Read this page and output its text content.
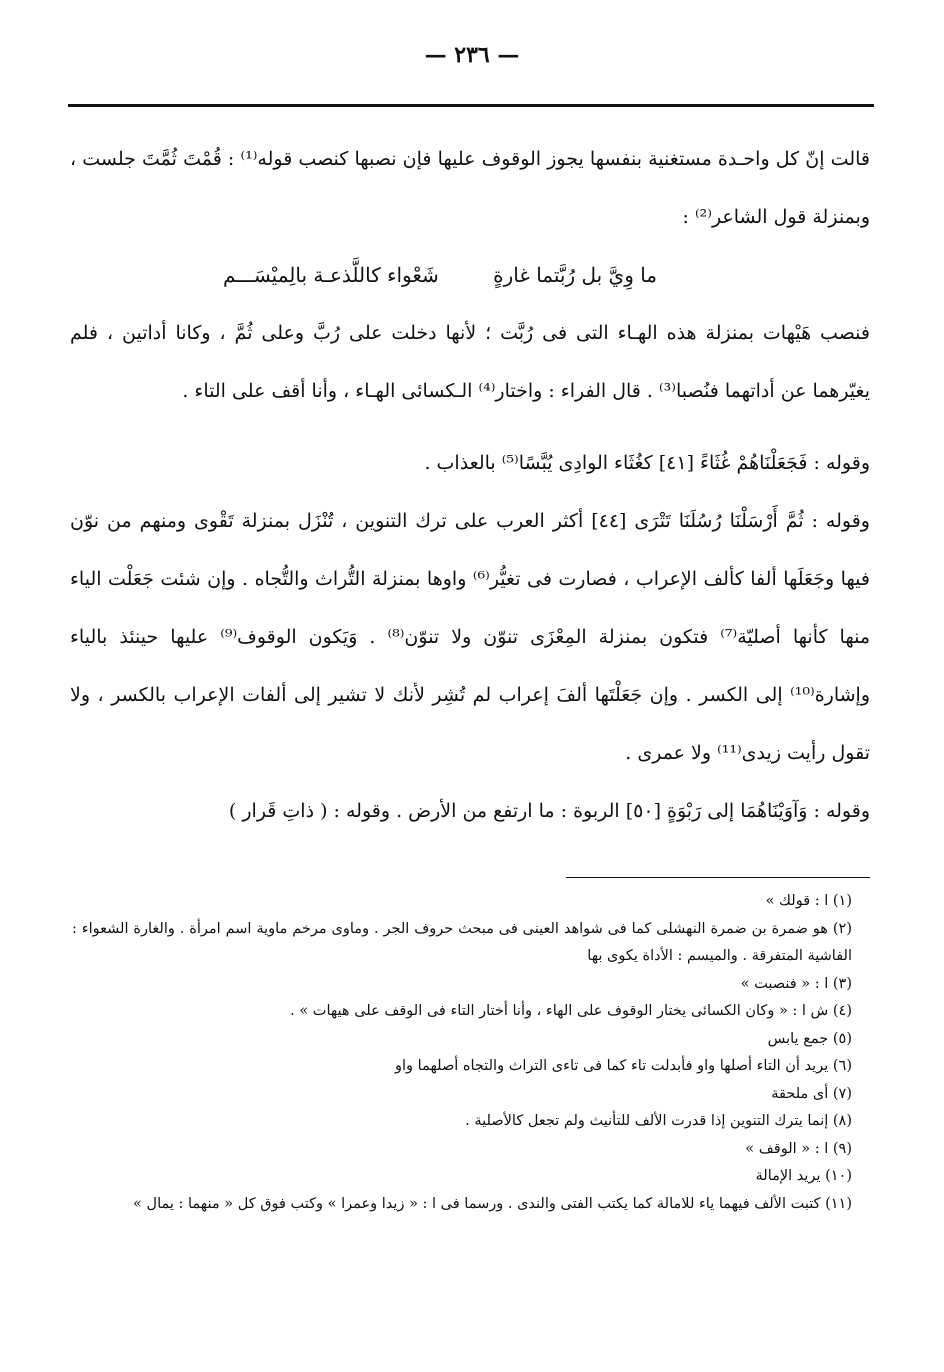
— ٢٣٦ —

قالت إنّ كل واحـدة مستغنية بنفسها يجوز الوقوف عليها فإن نصبها كنصب قوله⁽¹⁾ : قُمْتَ ثُمَّتَ جلست ، وبمنزلة قول الشاعر⁽²⁾ :

ما وِيَّ بل رُبَّتما غارةٍ شَعْواء كاللَّذعـة بالِميْسَـــم

فنصب هَيْهات بمنزلة هذه الهـاء التى فى رُبَّت ؛ لأنها دخلت على رُبَّ وعلى ثُمَّ ، وكانا أداتين ، فلم يغيّرهما عن أداتهما فنُصبا⁽³⁾ . قال الفراء : واختار⁽⁴⁾ الـكسائى الهـاء ، وأنا أقف على التاء .

وقوله : فَجَعَلْنَاهُمْ غُثَاءً [٤١] كغُثَاء الوادِى يُبَّسًا⁽⁵⁾ بالعذاب .

وقوله : ثُمَّ أَرْسَلْنَا رُسُلَنَا تَتْرَى [٤٤] أكثر العرب على ترك التنوين ، تُنْزَل بمنزلة تَقْوى ومنهم من نوّن فيها وجَعَلَها ألفا كألف الإعراب ، فصارت فى تغيُّر⁽⁶⁾ واوها بمنزلة التُّراث والتُّجاه . وإن شئت جَعَلْت الياء منها كأنها أصليّة⁽⁷⁾ فتكون بمنزلة المِعْزَى تنوّن ولا تنوّن⁽⁸⁾ . وَيَكون الوقوف⁽⁹⁾ عليها حينئذ بالياء وإشارة⁽¹⁰⁾ إلى الكسر . وإن جَعَلْتَها ألفَ إعراب لم تُشِر لأنك لا تشير إلى ألفات الإعراب بالكسر ، ولا تقول رأيت زيدى⁽¹¹⁾ ولا عمرى .

وقوله : وَآوَيْنَاهُمَا إلى رَبْوَةٍ [٥٠] الربوة : ما ارتفع من الأرض . وقوله : ( ذاتِ قَرار )

(١) ا : قولك »

(٢) هو ضمرة بن ضمرة النهشلى كما فى شواهد العينى فى مبحث حروف الجر . وماوى مرخم ماوية اسم امرأة . والغارة الشعواء : الفاشية المتفرقة . والميسم : الأداة يكوى بها

(٣) ا : « فنصبت »

(٤) ش ا : « وكان الكسائى يختار الوقوف على الهاء ، وأنا أختار التاء فى الوقف على هيهات » .

(٥) جمع يابس

(٦) يريد أن التاء أصلها واو فأبدلت تاء كما فى تاءى التراث والتجاه أصلهما واو

(٧) أى ملحقة

(٨) إنما يترك التنوين إذا قدرت الألف للتأنيث ولم تجعل كالأصلية .

(٩) ا : « الوقف »

(١٠) يريد الإمالة

(١١) كتبت الألف فيهما ياء للامالة كما يكتب الفتى والندى . ورسما فى ا : « زيدا وعمرا » وكتب فوق كل « منهما : يمال »
